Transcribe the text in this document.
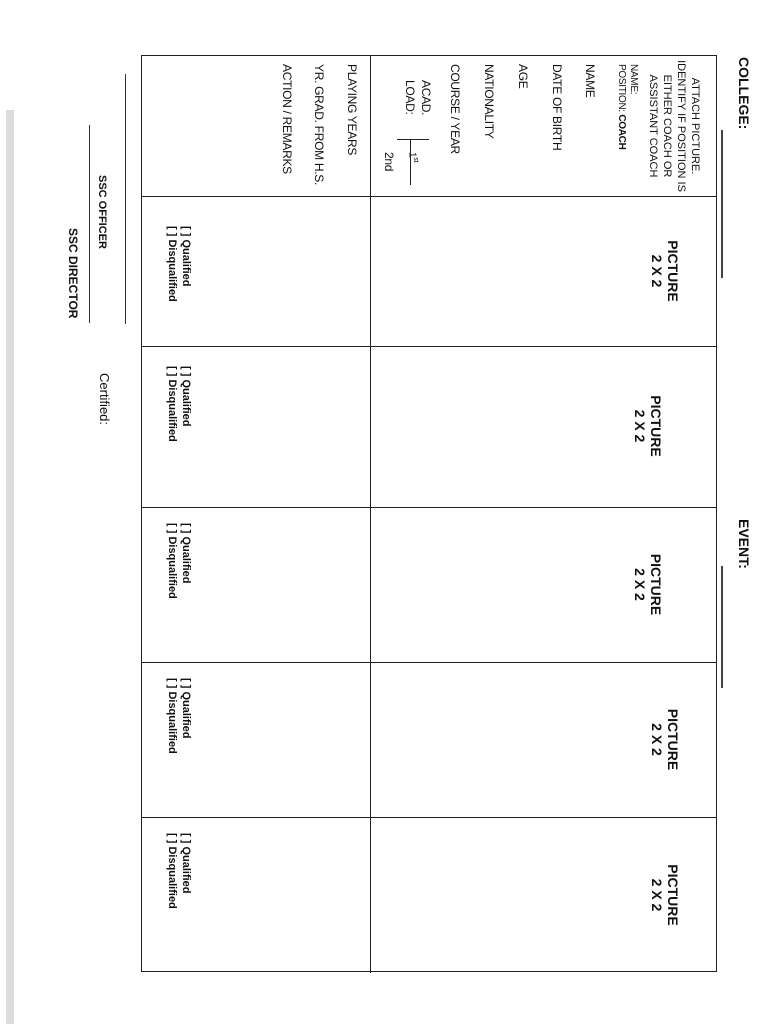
COLLEGE:
EVENT:
ATTACH PICTURE.
IDENTIFY IF POSITION IS
EITHER COACH OR
ASSISTANT COACH
NAME:
POSITION: COACH
NAME
DATE OF BIRTH
AGE
NATIONALITY
COURSE / YEAR
ACAD.
LOAD:
1st
2nd
PLAYING YEARS
YR. GRAD. FROM H.S.
ACTION / REMARKS
PICTURE
2 X 2
[ ] Qualified
[ ] Disqualified
PICTURE
2 X 2
[ ] Qualified
[ ] Disqualified
PICTURE
2 X 2
[ ] Qualified
[ ] Disqualified
PICTURE
2 X 2
[ ] Qualified
[ ] Disqualified
PICTURE
2 X 2
[ ] Qualified
[ ] Disqualified
SSC OFFICER
Certified:
SSC DIRECTOR
